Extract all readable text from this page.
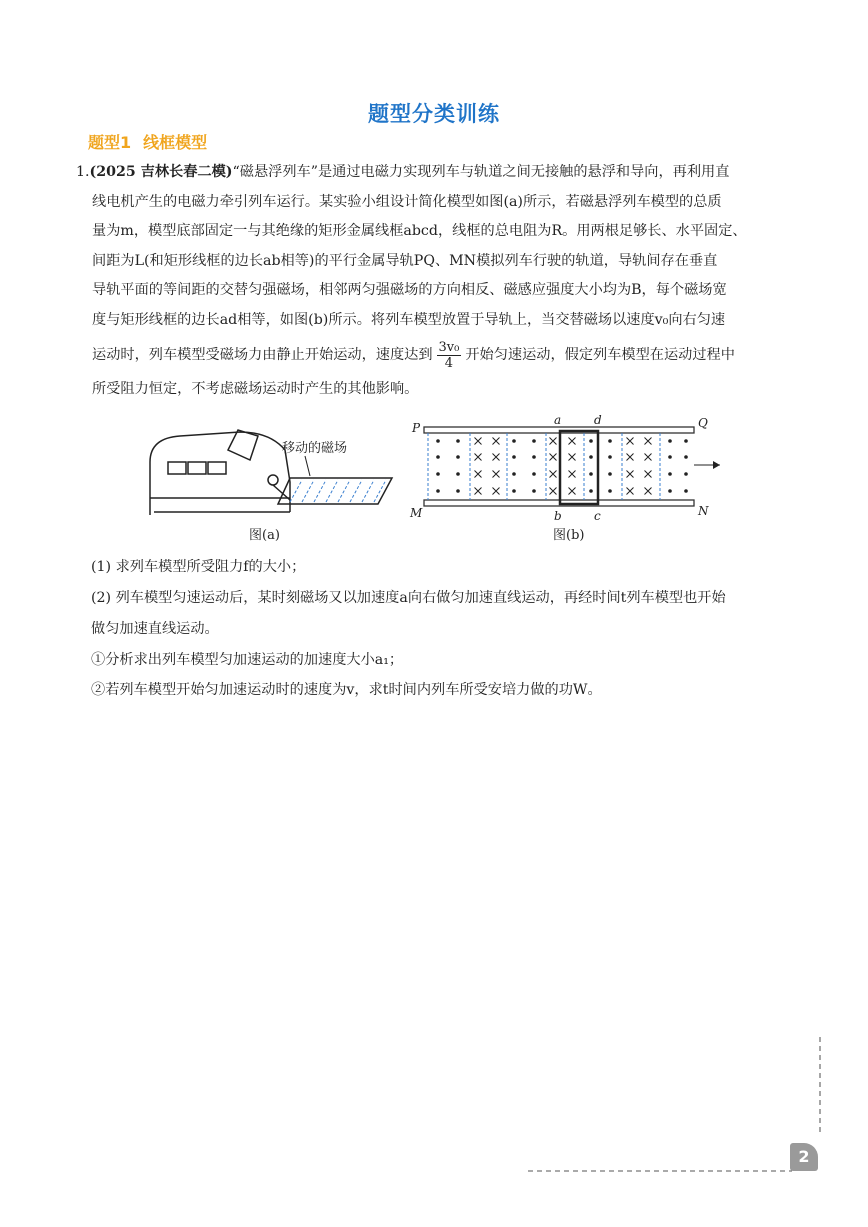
题型分类训练
题型1 线框模型
1.(2025 吉林长春二模)“磁悬浮列车”是通过电磁力实现列车与轨道之间无接触的悬浮和导向，再利用直
线电机产生的电磁力牵引列车运行。某实验小组设计简化模型如图(a)所示，若磁悬浮列车模型的总质
量为m，模型底部固定一与其绝缘的矩形金属线框abcd，线框的总电阻为R。用两根足够长、水平固定、
间距为L(和矩形线框的边长ab相等)的平行金属导轨PQ、MN模拟列车行驶的轨道，导轨间存在垂直
导轨平面的等间距的交替匀强磁场，相邻两匀强磁场的方向相反、磁感应强度大小均为B，每个磁场宽
度与矩形线框的边长ad相等，如图(b)所示。将列车模型放置于导轨上，当交替磁场以速度v₀向右匀速
运动时，列车模型受磁场力由静止开始运动，速度达到 $\frac{\text{3v₀}}{4}$ 开始匀速运动，假定列车模型在运动过程中
所受阻力恒定，不考虑磁场运动时产生的其他影响。
移动的磁场
图(a)
P	Q
M	N
a	d
b	c
图(b)
(1) 求列车模型所受阻力f的大小；
(2) 列车模型匀速运动后，某时刻磁场又以加速度a向右做匀加速直线运动，再经时间t列车模型也开始
做匀加速直线运动。
①分析求出列车模型匀加速运动的加速度大小a₁；
②若列车模型开始匀加速运动时的速度为v，求t时间内列车所受安培力做的功W。
2
